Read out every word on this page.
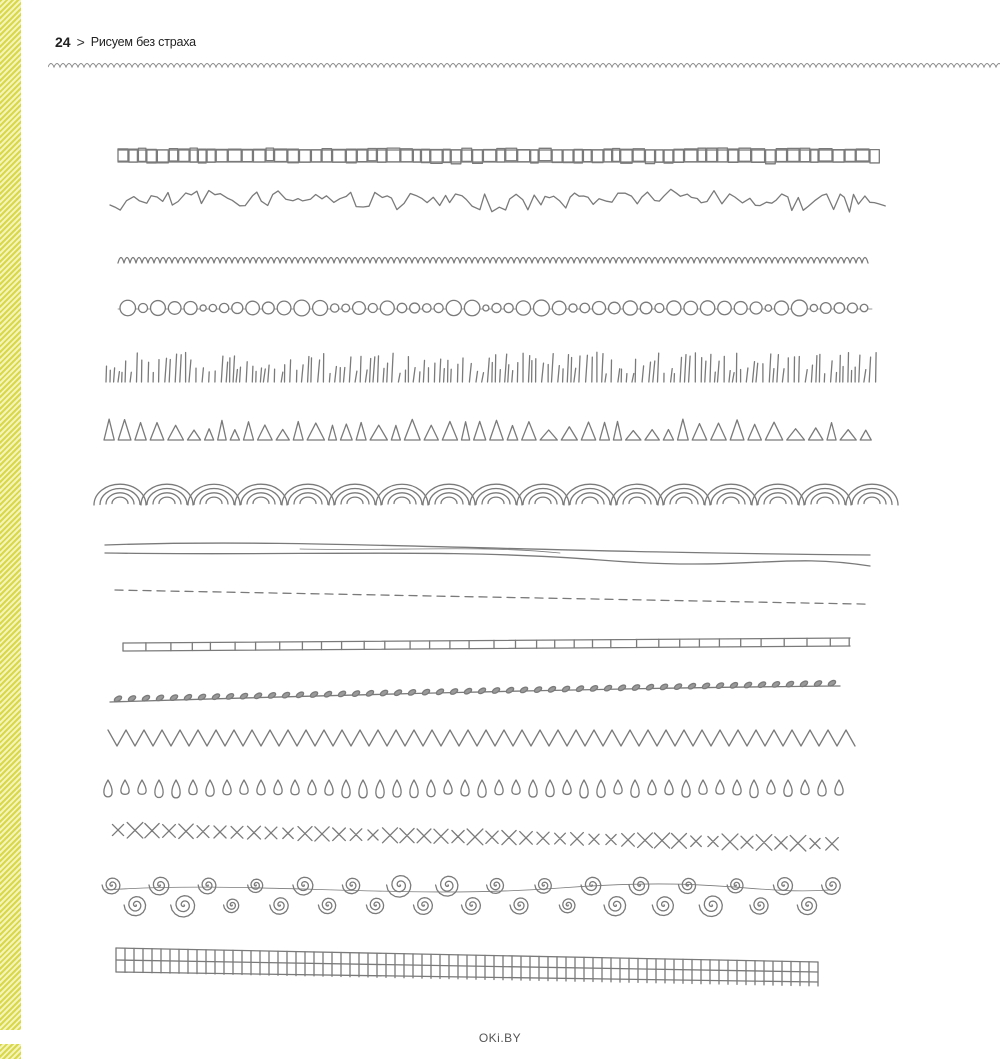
24 > Рисуем без страха
OKi.BY
